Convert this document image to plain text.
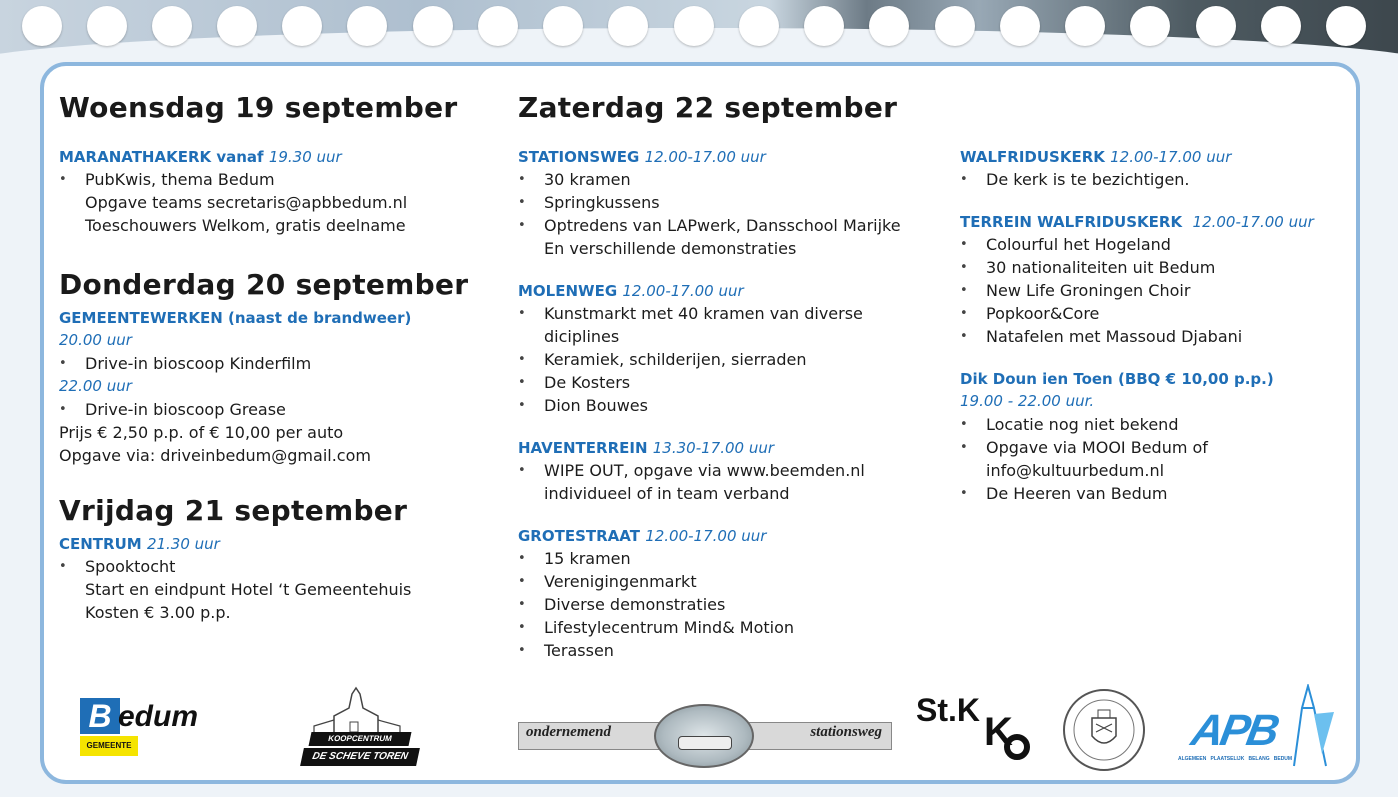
Woensdag 19 september
MARANATHAKERK vanaf 19.30 uur
• PubKwis, thema Bedum
Opgave teams secretaris@apbbedum.nl
Toeschouwers Welkom, gratis deelname
Donderdag 20 september
GEMEENTEWERKEN (naast de brandweer)
20.00 uur
• Drive-in bioscoop Kinderfilm
22.00 uur
• Drive-in bioscoop Grease
Prijs € 2,50 p.p. of € 10,00 per auto
Opgave via: driveinbedum@gmail.com
Vrijdag 21 september
CENTRUM 21.30 uur
• Spooktocht
Start en eindpunt Hotel ‘t Gemeentehuis
Kosten € 3.00 p.p.
Zaterdag 22 september
STATIONSWEG 12.00-17.00 uur
• 30 kramen
• Springkussens
• Optredens van LAPwerk, Dansschool Marijke
En verschillende demonstraties
MOLENWEG 12.00-17.00 uur
• Kunstmarkt met 40 kramen van diverse
diciplines
• Keramiek, schilderijen, sierraden
• De Kosters
• Dion Bouwes
HAVENTERREIN 13.30-17.00 uur
• WIPE OUT, opgave via www.beemden.nl
individueel of in team verband
GROTESTRAAT 12.00-17.00 uur
• 15 kramen
• Verenigingenmarkt
• Diverse demonstraties
• Lifestylecentrum Mind& Motion
• Terassen
WALFRIDUSKERK 12.00-17.00 uur
• De kerk is te bezichtigen.
TERREIN WALFRIDUSKERK 12.00-17.00 uur
• Colourful het Hogeland
• 30 nationaliteiten uit Bedum
• New Life Groningen Choir
• Popkoor&Core
• Natafelen met Massoud Djabani
Dik Doun ien Toen (BBQ € 10,00 p.p.)
19.00 - 22.00 uur.
• Locatie nog niet bekend
• Opgave via MOOI Bedum of
info@kultuurbedum.nl
• De Heeren van Bedum
B edum
GEMEENTE
KOOPCENTRUM
DE SCHEVE TOREN
ondernemend	stationsweg
St.K K	APB
ALGEMEEN   PLAATSELIJK   BELANG   BEDUM
